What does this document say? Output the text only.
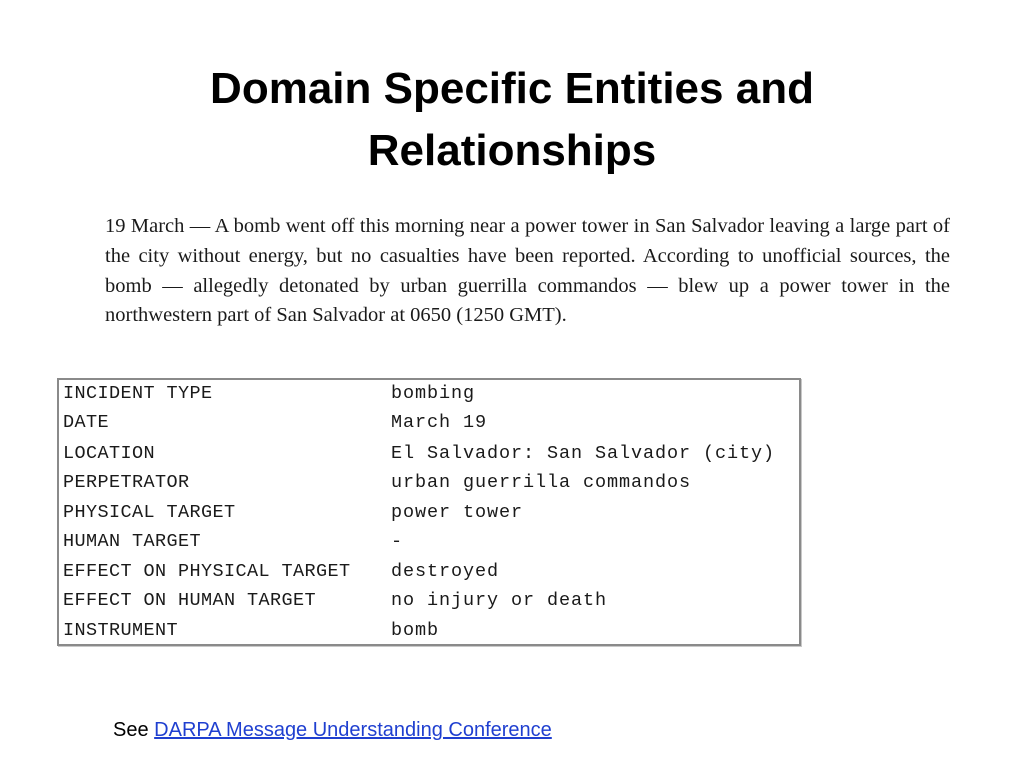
Domain Specific Entities and
Relationships

19 March — A bomb went off this morning near a power tower in San Salvador leaving a large part of the city without energy, but no casualties have been reported. According to unofficial sources, the bomb — allegedly detonated by urban guerrilla commandos — blew up a power tower in the northwestern part of San Salvador at 0650 (1250 GMT).

INCIDENT TYPE	bombing
DATE	March 19
LOCATION	El Salvador: San Salvador (city)
PERPETRATOR	urban guerrilla commandos
PHYSICAL TARGET	power tower
HUMAN TARGET	-
EFFECT ON PHYSICAL TARGET	destroyed
EFFECT ON HUMAN TARGET	no injury or death
INSTRUMENT	bomb
See DARPA Message Understanding Conference
